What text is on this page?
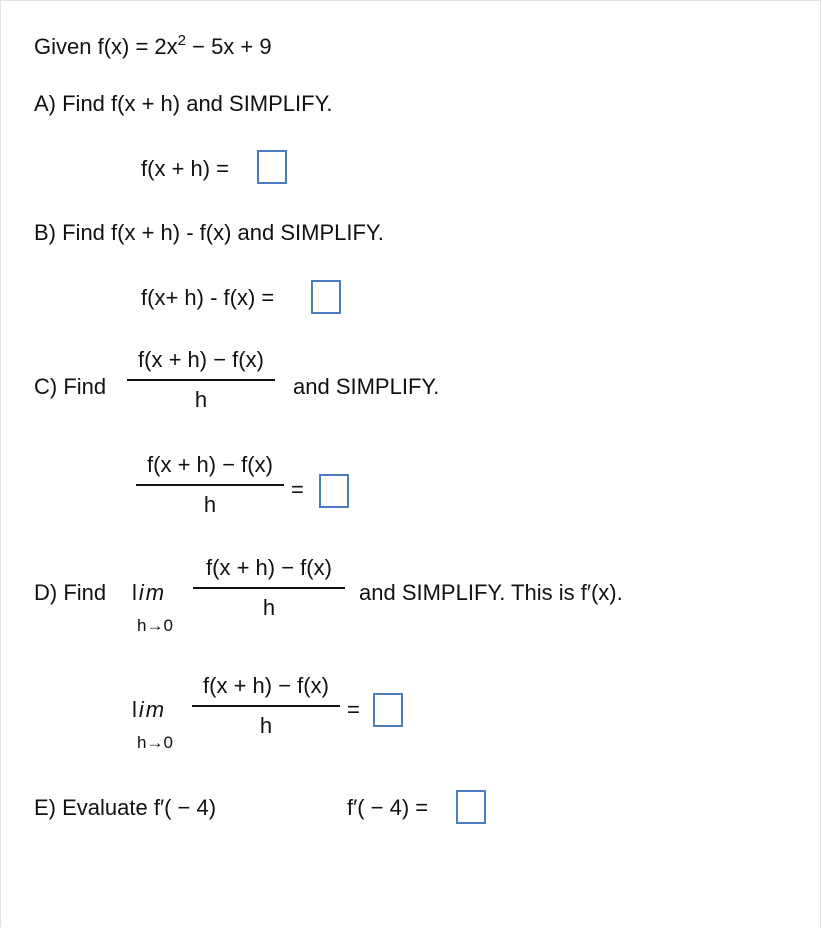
Given $f(x) = 2x^2 - 5x + 9$
A) Find f(x + h) and SIMPLIFY.
f(x + h) =
B) Find f(x + h) - f(x) and SIMPLIFY.
f(x+ h) - f(x) =
C) Find
f(x + h) − f(x)
h
and SIMPLIFY.
f(x + h) − f(x)
h
=
D) Find lim
h→0
f(x + h) − f(x)
h
and SIMPLIFY. This is f′(x).
lim
h→0
f(x + h) − f(x)
h
=
E) Evaluate f′( − 4)	f′( − 4) =
